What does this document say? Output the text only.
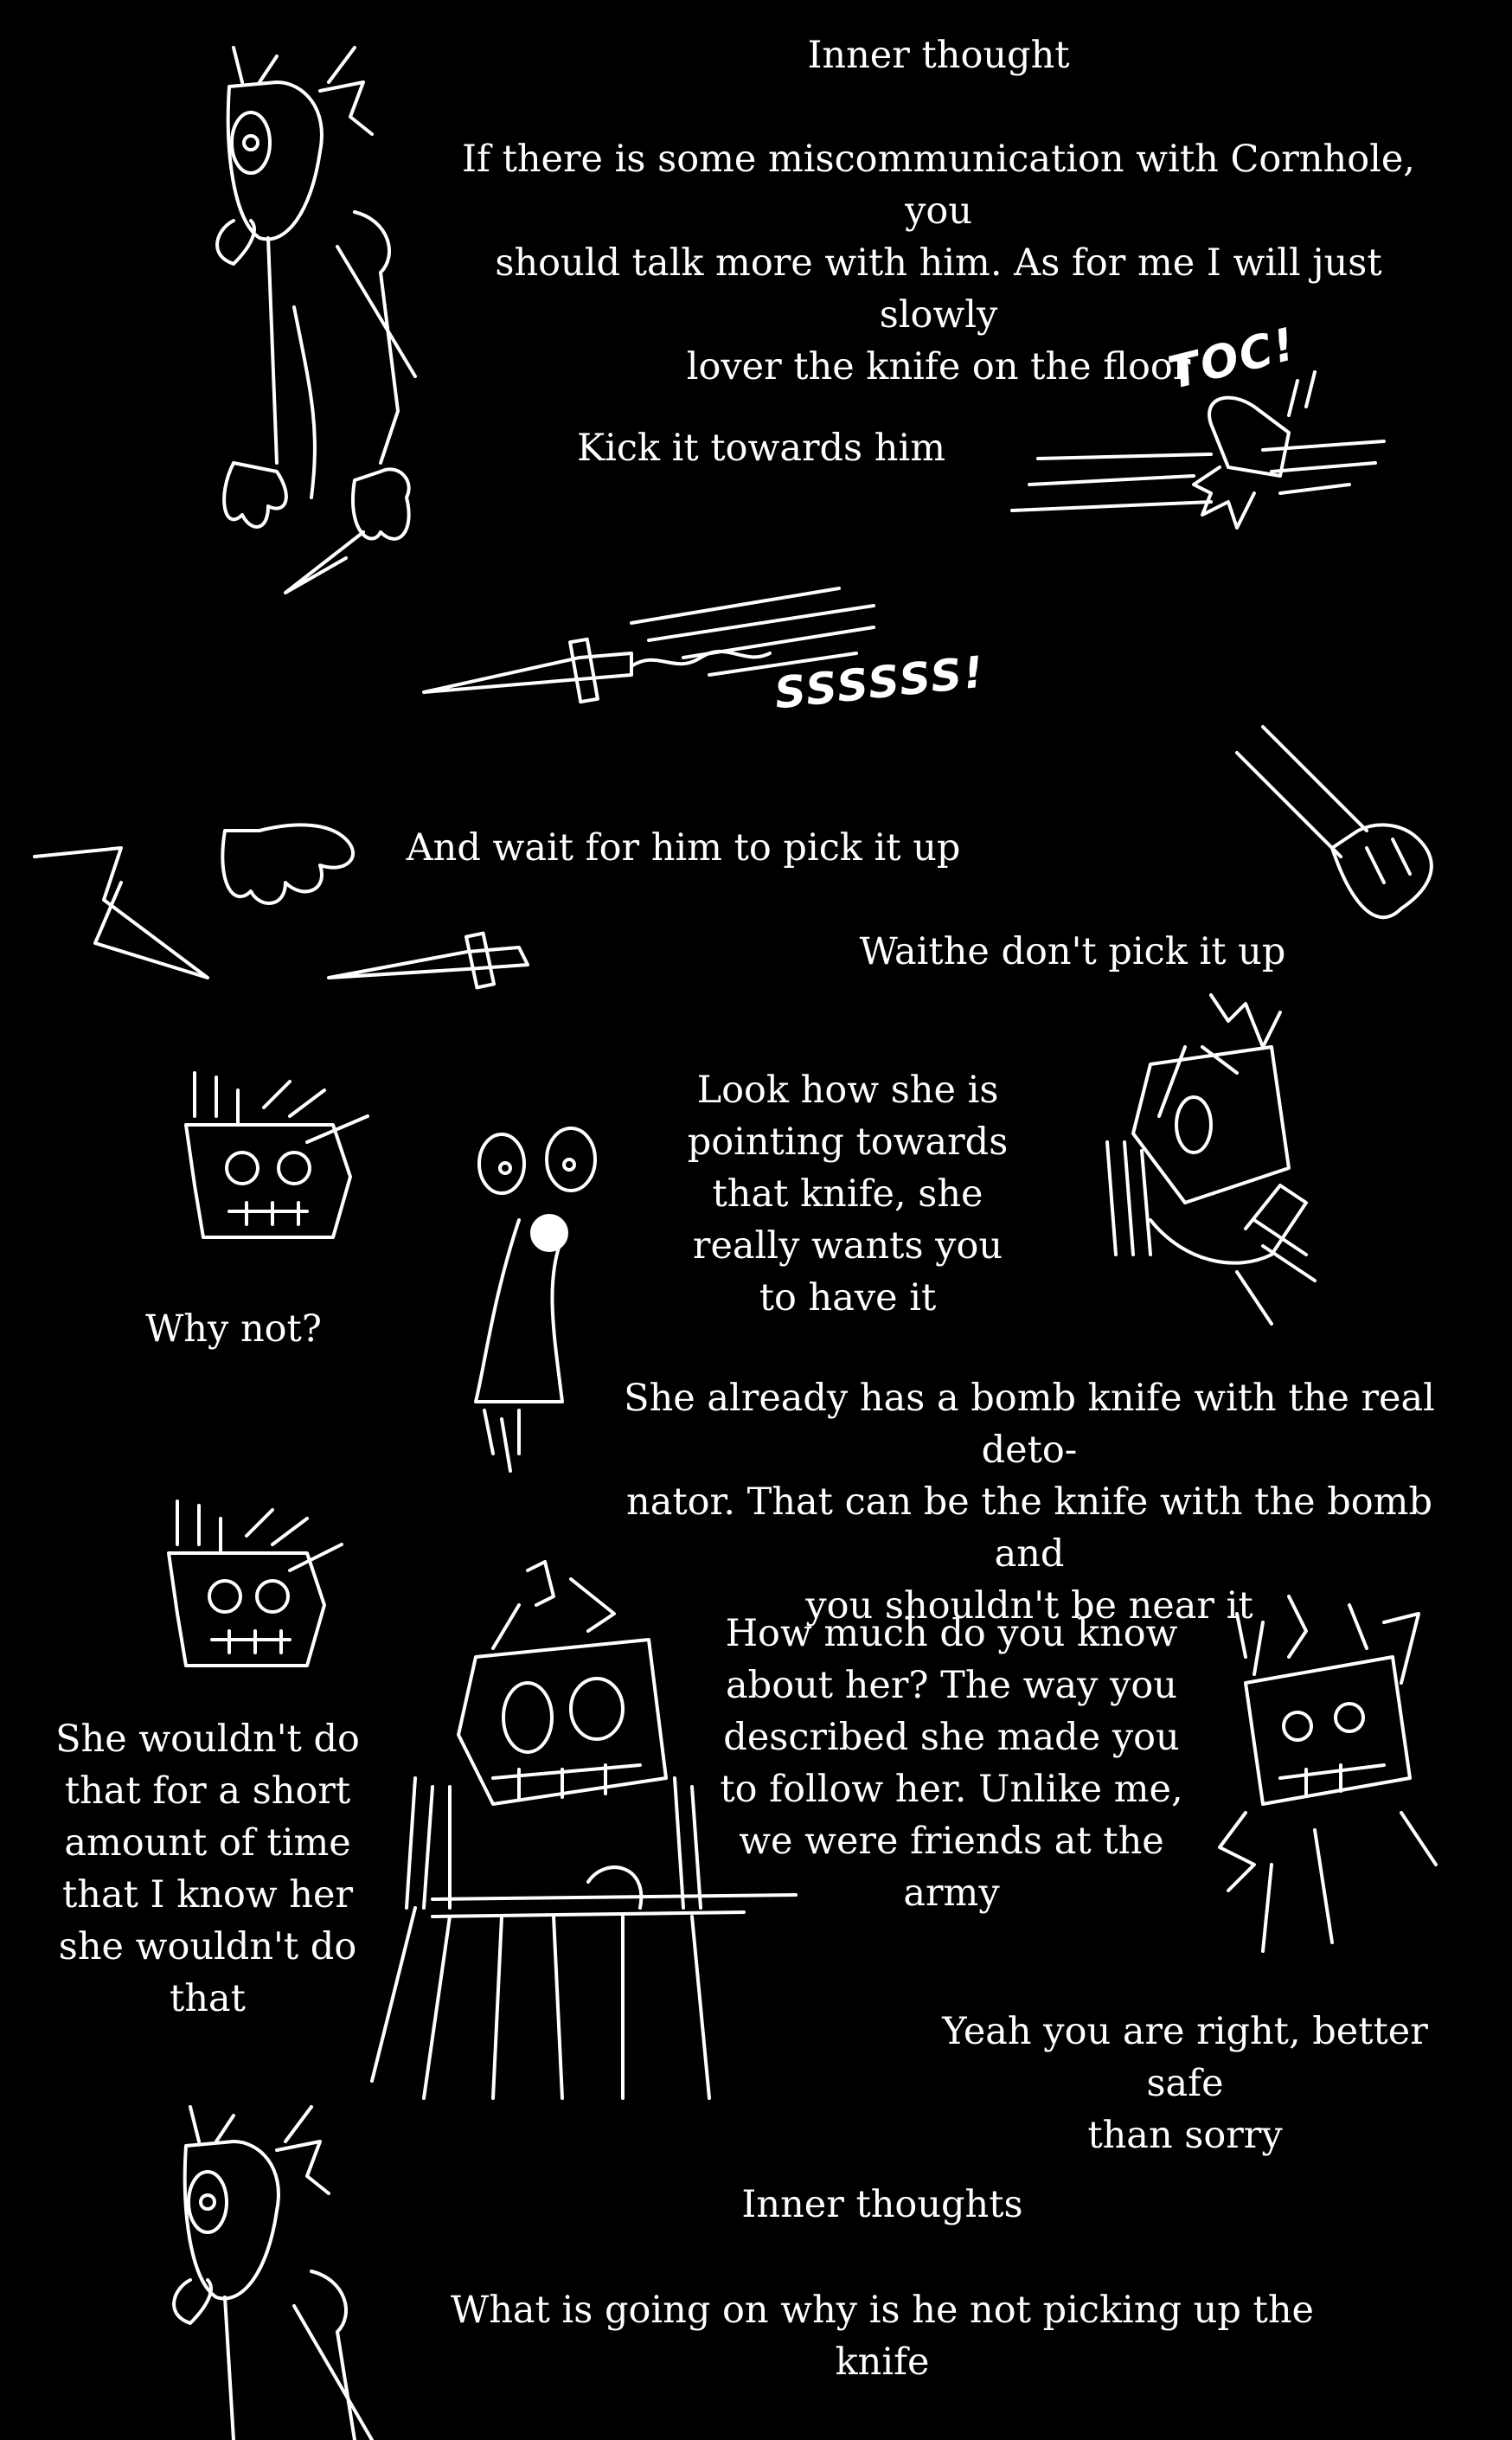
Inner thought
If there is some miscommunication with Cornhole, you
should talk more with him. As for me I will just slowly
lover the knife on the floor
Kick it towards him
And wait for him to pick it up
Waithe don't pick it up
Look how she is
pointing towards
that knife, she
really wants you
to have it
Why not?
She already has a bomb knife with the real deto-
nator. That can be the knife with the bomb and
you shouldn't be near it
How much do you know
about her? The way you
described she made you
to follow her. Unlike me,
we were friends at the
army
She wouldn't do
that for a short
amount of time
that I know her
she wouldn't do
that
Yeah you are right, better safe
than sorry
Inner thoughts
What is going on why is he not picking up the
knife
TOC!
SSSSSS!
